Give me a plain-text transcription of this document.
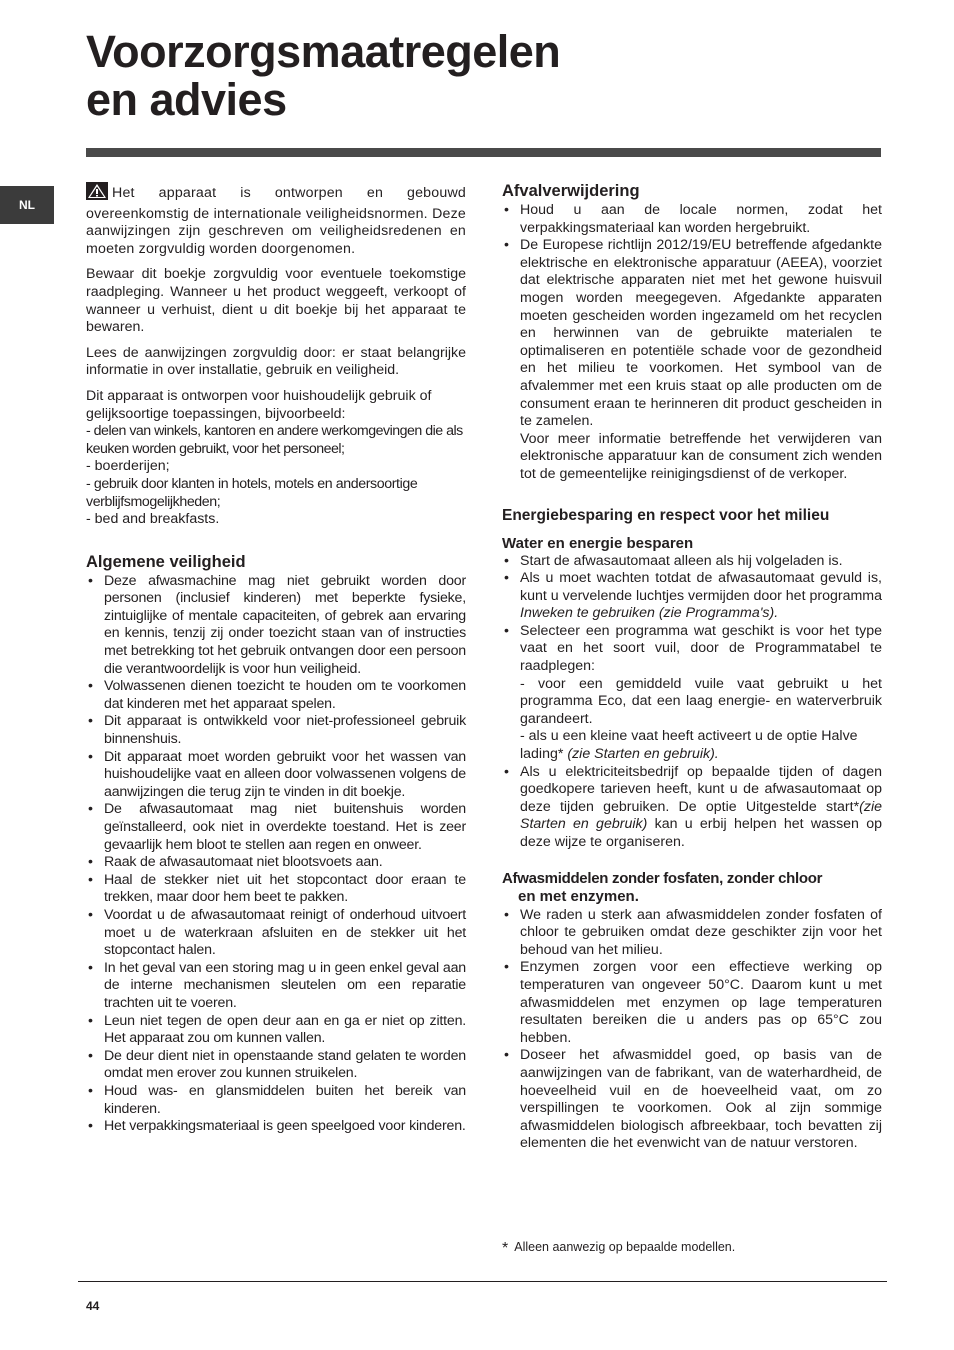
Voorzorgsmaatregelen
en advies
NL

Het apparaat is ontworpen en gebouwd overeenkomstig de internationale veiligheidsnormen. Deze aanwijzingen zijn geschreven om veiligheidsredenen en moeten zorgvuldig worden doorgenomen.

Bewaar dit boekje zorgvuldig voor eventuele toekomstige raadpleging. Wanneer u het product weggeeft, verkoopt of wanneer u verhuist, dient u dit boekje bij het apparaat te bewaren.

Lees de aanwijzingen zorgvuldig door: er staat belangrijke informatie in over installatie, gebruik en veiligheid.

Dit apparaat is ontworpen voor huishoudelijk gebruik of gelijksoortige toepassingen, bijvoorbeeld:
- delen van winkels, kantoren en andere werkomgevingen die als keuken worden gebruikt, voor het personeel;
- boerderijen;
- gebruik door klanten in hotels, motels en andersoortige verblijfsmogelijkheden;
- bed and breakfasts.

Algemene veiligheid
• Deze afwasmachine mag niet gebruikt worden door personen (inclusief kinderen) met beperkte fysieke, zintuiglijke of mentale capaciteiten, of gebrek aan ervaring en kennis, tenzij zij onder toezicht staan van of instructies met betrekking tot het gebruik ontvangen door een persoon die verantwoordelijk is voor hun veiligheid.
• Volwassenen dienen toezicht te houden om te voorkomen dat kinderen met het apparaat spelen.
• Dit apparaat is ontwikkeld voor niet-professioneel gebruik binnenshuis.
• Dit apparaat moet worden gebruikt voor het wassen van huishoudelijke vaat en alleen door volwassenen volgens de aanwijzingen die terug zijn te vinden in dit boekje.
• De afwasautomaat mag niet buitenshuis worden geïnstalleerd, ook niet in overdekte toestand. Het is zeer gevaarlijk hem bloot te stellen aan regen en onweer.
• Raak de afwasautomaat niet blootsvoets aan.
• Haal de stekker niet uit het stopcontact door eraan te trekken, maar door hem beet te pakken.
• Voordat u de afwasautomaat reinigt of onderhoud uitvoert moet u de waterkraan afsluiten en de stekker uit het stopcontact halen.
• In het geval van een storing mag u in geen enkel geval aan de interne mechanismen sleutelen om een reparatie trachten uit te voeren.
• Leun niet tegen de open deur aan en ga er niet op zitten. Het apparaat zou om kunnen vallen.
• De deur dient niet in openstaande stand gelaten te worden omdat men erover zou kunnen struikelen.
• Houd was- en glansmiddelen buiten het bereik van kinderen.
• Het verpakkingsmateriaal is geen speelgoed voor kinderen.
Afvalverwijdering
• Houd u aan de locale normen, zodat het verpakkingsmateriaal kan worden hergebruikt.
• De Europese richtlijn 2012/19/EU betreffende afgedankte elektrische en elektronische apparatuur (AEEA), voorziet dat elektrische apparaten niet met het gewone huisvuil mogen worden meegegeven. Afgedankte apparaten moeten gescheiden worden ingezameld om het recyclen en herwinnen van de gebruikte materialen te optimaliseren en potentiële schade voor de gezondheid en het milieu te voorkomen. Het symbool van de afvalemmer met een kruis staat op alle producten om de consument eraan te herinneren dit product gescheiden in te zamelen.
Voor meer informatie betreffende het verwijderen van elektronische apparatuur kan de consument zich wenden tot de gemeentelijke reinigingsdienst of de verkoper.
Energiebesparing en respect voor het milieu
Water en energie besparen
• Start de afwasautomaat alleen als hij volgeladen is.
• Als u moet wachten totdat de afwasautomaat gevuld is, kunt u vervelende luchtjes vermijden door het programma Inweken te gebruiken (zie Programma's).
• Selecteer een programma wat geschikt is voor het type vaat en het soort vuil, door de Programmatabel te raadplegen:
- voor een gemiddeld vuile vaat gebruikt u het programma Eco, dat een laag energie- en waterverbruik garandeert.
- als u een kleine vaat heeft activeert u de optie Halve lading* (zie Starten en gebruik).
• Als u elektriciteitsbedrijf op bepaalde tijden of dagen goedkopere tarieven heeft, kunt u de afwasautomaat op deze tijden gebruiken. De optie Uitgestelde start*(zie Starten en gebruik) kan u erbij helpen het wassen op deze wijze te organiseren.
Afwasmiddelen zonder fosfaten, zonder chloor
en met enzymen.
• We raden u sterk aan afwasmiddelen zonder fosfaten of chloor te gebruiken omdat deze geschikter zijn voor het behoud van het milieu.
• Enzymen zorgen voor een effectieve werking op temperaturen van ongeveer 50°C. Daarom kunt u met afwasmiddelen met enzymen op lage temperaturen resultaten bereiken die u anders pas op 65°C zou hebben.
• Doseer het afwasmiddel goed, op basis van de aanwijzingen van de fabrikant, van de waterhardheid, de hoeveelheid vuil en de hoeveelheid vaat, om zo verspillingen te voorkomen. Ook al zijn sommige afwasmiddelen biologisch afbreekbaar, toch bevatten zij elementen die het evenwicht van de natuur verstoren.
* Alleen aanwezig op bepaalde modellen.
44
